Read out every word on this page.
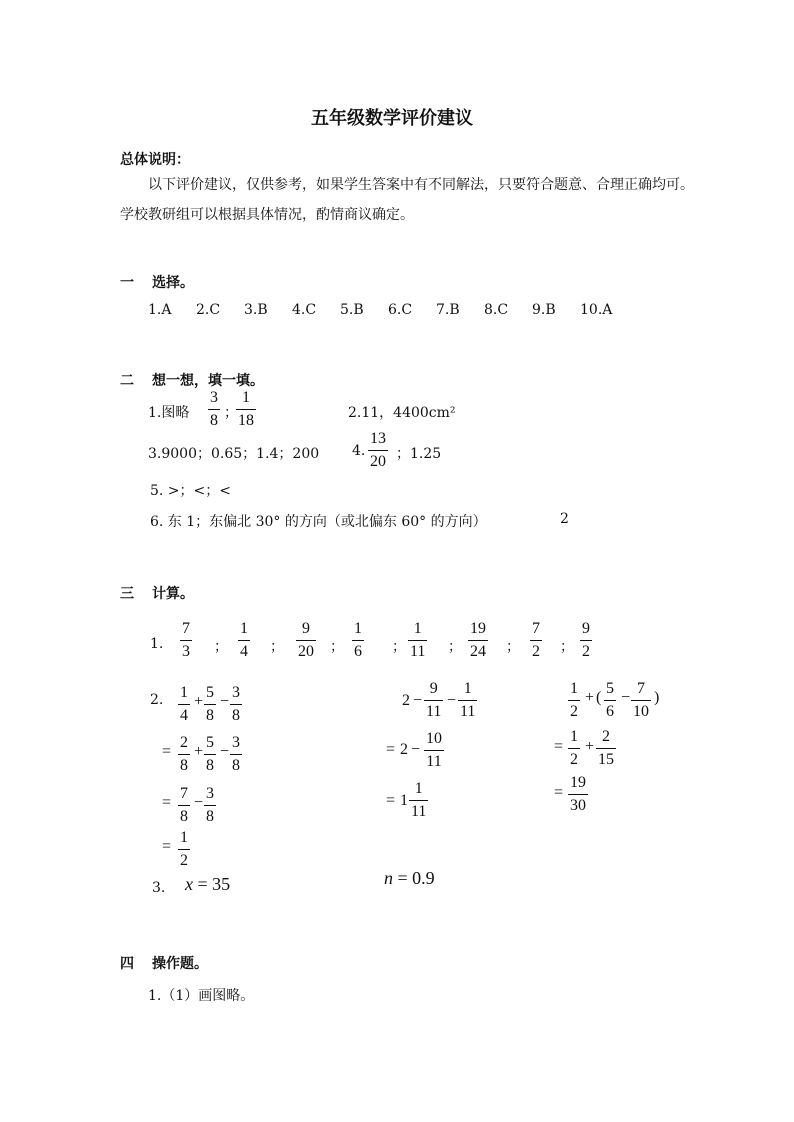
五年级数学评价建议
总体说明：
以下评价建议，仅供参考，如果学生答案中有不同解法，只要符合题意、合理正确均可。学校教研组可以根据具体情况，酌情商议确定。
一 选择。
1.A 2.C 3.B 4.C 5.B 6.C 7.B 8.C 9.B 10.A
二 想一想，填一填。
1.图略 $\frac{3}{8}$ ；
$\frac{1}{18}$	2.11，4400cm²
3.9000；0.65；1.4；200 4. $\frac{13}{20}$ ；1.25
5. >；<；<
6. 东 1；东偏北 30° 的方向（或北偏东 60° 的方向）	2
三 计算。
1. $\frac{7}{3}$ ； $\frac{1}{4}$ ； $\frac{9}{20}$ ； $\frac{1}{6}$ ； $\frac{1}{11}$ ； $\frac{19}{24}$ ； $\frac{7}{2}$ ； $\frac{9}{2}$
2. $\frac{1}{4} + \frac{5}{8} - \frac{3}{8}$
= $\frac{2}{8} + \frac{5}{8} - \frac{3}{8}$
= $\frac{7}{8} - \frac{3}{8}$
= $\frac{1}{2}$
$2 - \frac{9}{11} - \frac{1}{11}$
= $2 - \frac{10}{11}$
= $1 \frac{1}{11}$
$\frac{1}{2}$ + ( $\frac{5}{6} - \frac{7}{10}$ )
= $\frac{1}{2} + \frac{2}{15}$
= $\frac{19}{30}$
3. x = 35	n = 0.9
四 操作题。
1.（1）画图略。
